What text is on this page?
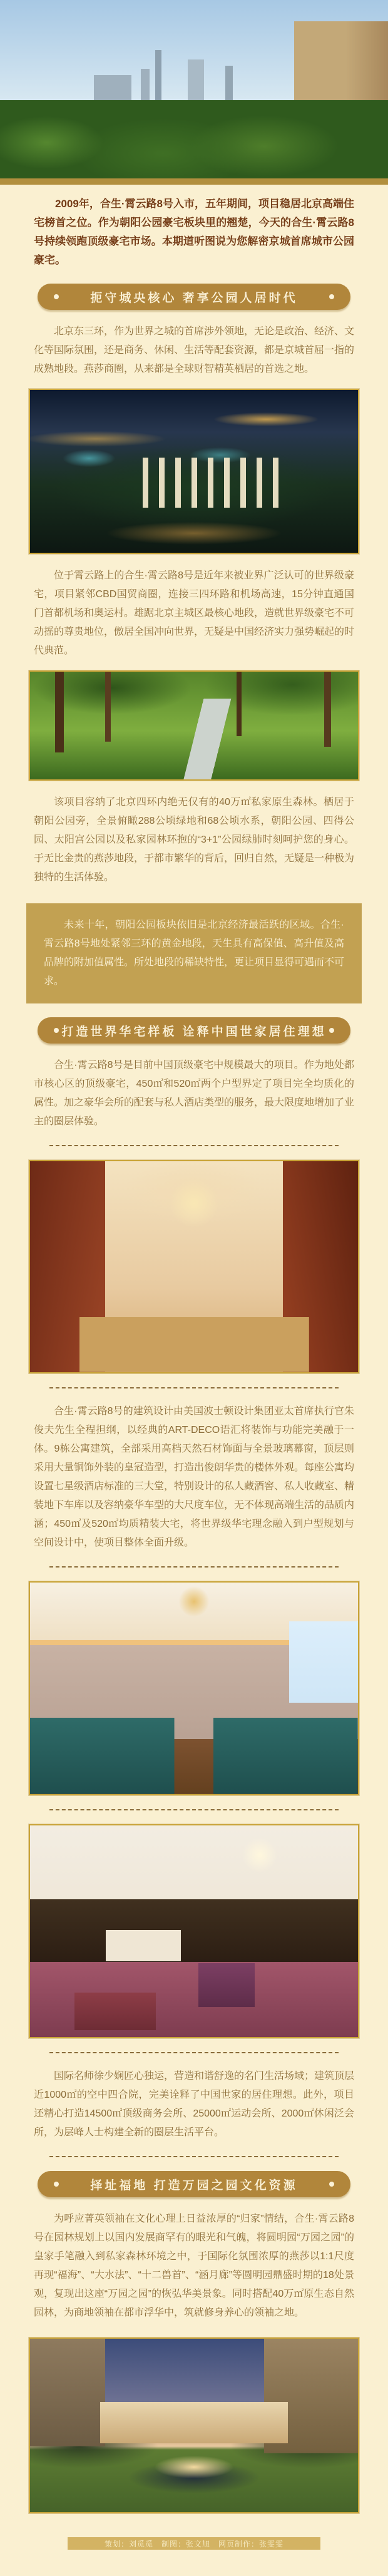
2009年，合生·霄云路8号入市，五年期间，项目稳居北京高端住宅榜首之位。作为朝阳公园豪宅板块里的翘楚，今天的合生·霄云路8号持续领跑顶级豪宅市场。本期道听图说为您解密京城首席城市公园豪宅。

扼守城央核心 奢享公园人居时代

北京东三环，作为世界之城的首席涉外领地，无论是政治、经济、文化等国际氛围，还是商务、休闲、生活等配套资源，都是京城首屈一指的成熟地段。燕莎商圈，从来都是全球财智精英栖居的首选之地。

位于霄云路上的合生·霄云路8号是近年来被业界广泛认可的世界级豪宅，项目紧邻CBD国贸商圈，连接三四环路和机场高速，15分钟直通国门首都机场和奥运村。雄踞北京主城区最核心地段，造就世界级豪宅不可动摇的尊贵地位，傲居全国冲向世界，无疑是中国经济实力强势崛起的时代典范。

该项目容纳了北京四环内绝无仅有的40万㎡私家原生森林。栖居于朝阳公园旁，全景俯瞰288公顷绿地和68公顷水系，朝阳公园、四得公园、太阳宫公园以及私家园林环抱的“3+1”公园绿肺时刻呵护您的身心。于无比金贵的燕莎地段，于都市繁华的背后，回归自然，无疑是一种极为独特的生活体验。

未来十年，朝阳公园板块依旧是北京经济最活跃的区域。合生·霄云路8号地处紧邻三环的黄金地段，天生具有高保值、高升值及高品牌的附加值属性。所处地段的稀缺特性，更让项目显得可遇而不可求。
打造世界华宅样板 诠释中国世家居住理想

合生·霄云路8号是目前中国顶级豪宅中规模最大的项目。作为地处都市核心区的顶级豪宅，450㎡和520㎡两个户型界定了项目完全均质化的属性。加之豪华会所的配套与私人酒店类型的服务，最大限度地增加了业主的圈层体验。

合生·霄云路8号的建筑设计由美国波士顿设计集团亚太首席执行官朱俊夫先生全程担纲，以经典的ART-DECO语汇将装饰与功能完美融于一体。9栋公寓建筑，全部采用高档天然石材饰面与全景玻璃幕窗，顶层则采用大量铜饰外装的皇冠造型，打造出俊朗华贵的楼体外观。每座公寓均设置七星级酒店标准的三大堂，特别设计的私人藏酒窖、私人收藏室、精装地下车库以及容纳豪华车型的大尺度车位，无不体现高端生活的品质内涵；450㎡及520㎡均质精装大宅，将世界级华宅理念融入到户型规划与空间设计中，使项目整体全面升级。

国际名师徐少娴匠心独运，营造和谐舒逸的名门生活场域；建筑顶层近1000㎡的空中四合院，完美诠释了中国世家的居住理想。此外，项目还精心打造14500㎡顶级商务会所、25000㎡运动会所、2000㎡休闲泛会所，为层峰人士构建全新的圈层生活平台。

择址福地 打造万园之园文化资源

为呼应菁英领袖在文化心理上日益浓厚的“归家”情结，合生·霄云路8号在园林规划上以国内发展商罕有的眼光和气魄，将圆明园“万园之园”的皇家手笔融入到私家森林环境之中，于国际化氛围浓厚的燕莎以1:1尺度再现“福海”、“大水法”、“十二兽首”、“涵月廊”等圆明园鼎盛时期的18处景观，复现出这座“万园之园”的恢弘华美景象。同时搭配40万㎡原生态自然园林，为商地领袖在都市浮华中，筑就修身养心的领袖之地。

策划：刘觅觅　制图：张文旭　网页制作：张雯雯
